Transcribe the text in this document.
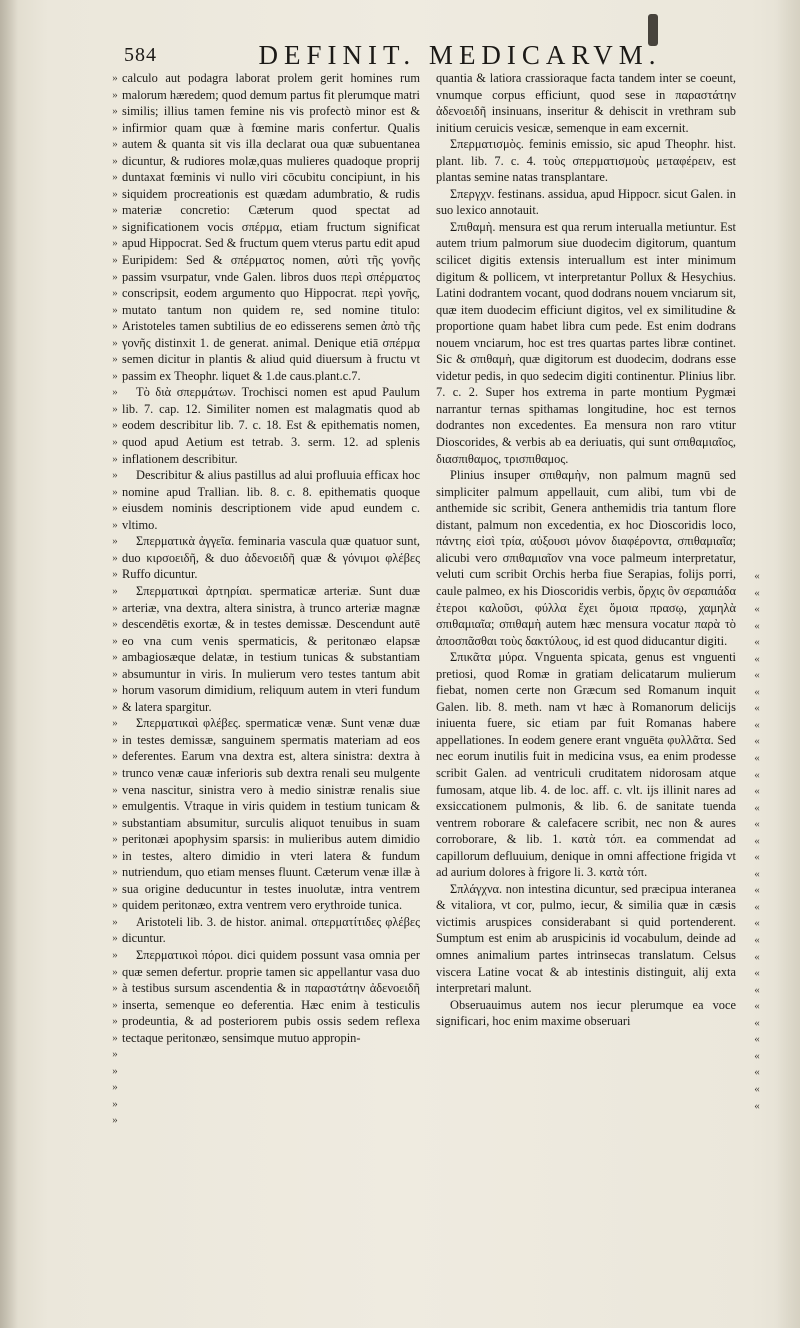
584	DEFINIT. MEDICARVM.
»
»
»
»
»
»
»
»
»
»
»
»
»
»
»
»
»
»
»
»
»
»
»
»
»
»
»
»
»
»
»
»
»
»
»
»
»
»
»
»
»
»
»
»
»
»
»
»
»
»
»
»
»
»
»
»
»
»
»
»
»
»
»
»
«
«
«
«
«
«
«
«
«
«
«
«
«
«
«
«
«
«
«
«
«
«
«
«
«
«
«
«
«
«
«
«
«

calculo aut podagra laborat prolem gerit homines rum malorum hæredem; quod demum partus fit plerumque matri similis; illius tamen femine nis vis profectò minor est & infirmior quam quæ à fœmine maris confertur. Qualis autem & quanta sit vis illa declarat oua quæ subuentanea dicuntur, & rudiores molæ,quas mulieres quadoque proprij duntaxat fœminis vi nullo viri cōcubitu concipiunt, in his siquidem procreationis est quædam adumbratio, & rudis materiæ concretio: Cæterum quod spectat ad significationem vocis σπέρμα, etiam fructum significat apud Hippocrat. Sed & fructum quem vterus partu edit apud Euripidem: Sed & σπέρματος nomen, αὐτὶ τῆς γονῆς passim vsurpatur, vnde Galen. libros duos περὶ σπέρματος conscripsit, eodem argumento quo Hippocrat. περὶ γονῆς, mutato tantum non quidem re, sed nomine titulo: Aristoteles tamen subtilius de eo edisserens semen ἀπὸ τῆς γονῆς distinxit 1. de generat. animal. Denique etiā σπέρμα semen dicitur in plantis & aliud quid diuersum à fructu vt passim ex Theophr. liquet & 1.de caus.plant.c.7.

Τὸ διὰ σπερμάτων. Trochisci nomen est apud Paulum lib. 7. cap. 12. Similiter nomen est malagmatis quod ab eodem describitur lib. 7. c. 18. Est & epithematis nomen, quod apud Aetium est tetrab. 3. serm. 12. ad splenis inflationem describitur.

Describitur & alius pastillus ad alui profluuia efficax hoc nomine apud Trallian. lib. 8. c. 8. epithematis quoque eiusdem nominis descriptionem vide apud eundem c. vltimo.

Σπερματικὰ ἀγγεῖα. feminaria vascula quæ quatuor sunt, duo κιρσοειδῆ, & duo ἀδενοειδῆ quæ & γόνιμοι φλέβες Ruffo dicuntur.

Σπερματικαὶ ἀρτηρίαι. spermaticæ arteriæ. Sunt duæ arteriæ, vna dextra, altera sinistra, à trunco arteriæ magnæ descendētis exortæ, & in testes demissæ. Descendunt autē eo vna cum venis spermaticis, & peritonæo elapsæ ambagiosæque delatæ, in testium tunicas & substantiam absumuntur in viris. In mulierum vero testes tantum abit horum vasorum dimidium, reliquum autem in vteri fundum & latera spargitur.

Σπερματικαὶ φλέβες. spermaticæ venæ. Sunt venæ duæ in testes demissæ, sanguinem spermatis materiam ad eos deferentes. Earum vna dextra est, altera sinistra: dextra à trunco venæ cauæ inferioris sub dextra renali seu mulgente vena nascitur, sinistra vero à medio sinistræ renalis siue emulgentis. Vtraque in viris quidem in testium tunicam & substantiam absumitur, surculis aliquot tenuibus in suam peritonæi apophysim sparsis: in mulieribus autem dimidio in testes, altero dimidio in vteri latera & fundum nutriendum, quo etiam menses fluunt. Cæterum venæ illæ à sua origine deducuntur in testes inuolutæ, intra ventrem quidem peritonæo, extra ventrem vero erythroide tunica.

Aristoteli lib. 3. de histor. animal. σπερματίτιδες φλέβες dicuntur.

Σπερματικοὶ πόροι. dici quidem possunt vasa omnia per quæ semen defertur. proprie tamen sic appellantur vasa duo à testibus sursum ascendentia & in παραστάτην ἀδενοειδῆ inserta, semenque eo deferentia. Hæc enim à testiculis prodeuntia, & ad posteriorem pubis ossis sedem reflexa tectaque peritonæo, sensimque mutuo appropin-

quantia & latiora crassioraque facta tandem inter se coeunt, vnumque corpus efficiunt, quod sese in παραστάτην ἀδενοειδῆ insinuans, inseritur & dehiscit in vrethram sub initium ceruicis vesicæ, semenque in eam excernit.

Σπερματισμὸς. feminis emissio, sic apud Theophr. hist. plant. lib. 7. c. 4. τοὺς σπερματισμοὺς μεταφέρειν, est plantas semine natas transplantare.

Σπεργχν. festinans. assidua, apud Hippocr. sicut Galen. in suo lexico annotauit.

Σπιθαμὴ. mensura est qua rerum interualla metiuntur. Est autem trium palmorum siue duodecim digitorum, quantum scilicet digitis extensis interuallum est inter minimum digitum & pollicem, vt interpretantur Pollux & Hesychius. Latini dodrantem vocant, quod dodrans nouem vnciarum sit, quæ item duodecim efficiunt digitos, vel ex similitudine & proportione quam habet libra cum pede. Est enim dodrans nouem vnciarum, hoc est tres quartas partes libræ continet. Sic & σπιθαμὴ, quæ digitorum est duodecim, dodrans esse videtur pedis, in quo sedecim digiti continentur. Plinius libr. 7. c. 2. Super hos extrema in parte montium Pygmæi narrantur ternas spithamas longitudine, hoc est ternos dodrantes non excedentes. Ea mensura non raro vtitur Dioscorides, & verbis ab ea deriuatis, qui sunt σπιθαμιαῖος, διασπιθαμος, τρισπιθαμος.

Plinius insuper σπιθαμὴν, non palmum magnū sed simpliciter palmum appellauit, cum alibi, tum vbi de anthemide sic scribit, Genera anthemidis tria tantum flore distant, palmum non excedentia, ex hoc Dioscoridis loco, πάντης εἰσὶ τρία, αὐξουσι μόνον διαφέροντα, σπιθαμιαῖα; alicubi vero σπιθαμιαῖον vna voce palmeum interpretatur, veluti cum scribit Orchis herba fiue Serapias, folijs porri, caule palmeo, ex his Dioscoridis verbis, ὄρχις ὃν σεραπιάδα ἐτεροι καλοῦσι, φύλλα ἔχει ὅμοια πρασῳ, χαμηλὰ σπιθαμιαῖα; σπιθαμὴ autem hæc mensura vocatur παρὰ τὸ ἀποσπᾶσθαι τοὺς δακτύλους, id est quod diducantur digiti.

Σπικᾶτα μύρα. Vnguenta spicata, genus est vnguenti pretiosi, quod Romæ in gratiam delicatarum mulierum fiebat, nomen certe non Græcum sed Romanum inquit Galen. lib. 8. meth. nam vt hæc à Romanorum delicijs iniuenta fuere, sic etiam par fuit Romanas habere appellationes. In eodem genere erant vnguēta φυλλᾶτα. Sed nec eorum inutilis fuit in medicina vsus, ea enim prodesse scribit Galen. ad ventriculi cruditatem nidorosam atque fumosam, atque lib. 4. de loc. aff. c. vlt. ijs illinit nares ad exsiccationem pulmonis, & lib. 6. de sanitate tuenda ventrem roborare & calefacere scribit, nec non & aures corroborare, & lib. 1. κατὰ τόπ. ea commendat ad capillorum defluuium, denique in omni affectione frigida vt ad aurium dolores à frigore li. 3. κατὰ τόπ.

Σπλάγχνα. non intestina dicuntur, sed præcipua interanea & vitaliora, vt cor, pulmo, iecur, & similia quæ in cæsis victimis aruspices considerabant si quid portenderent. Sumptum est enim ab aruspicinis id vocabulum, deinde ad omnes animalium partes intrinsecas translatum. Celsus viscera Latine vocat & ab intestinis distinguit, alij exta interpretari malunt.

Obseruauimus autem nos iecur plerumque ea voce significari, hoc enim maxime obseruari
